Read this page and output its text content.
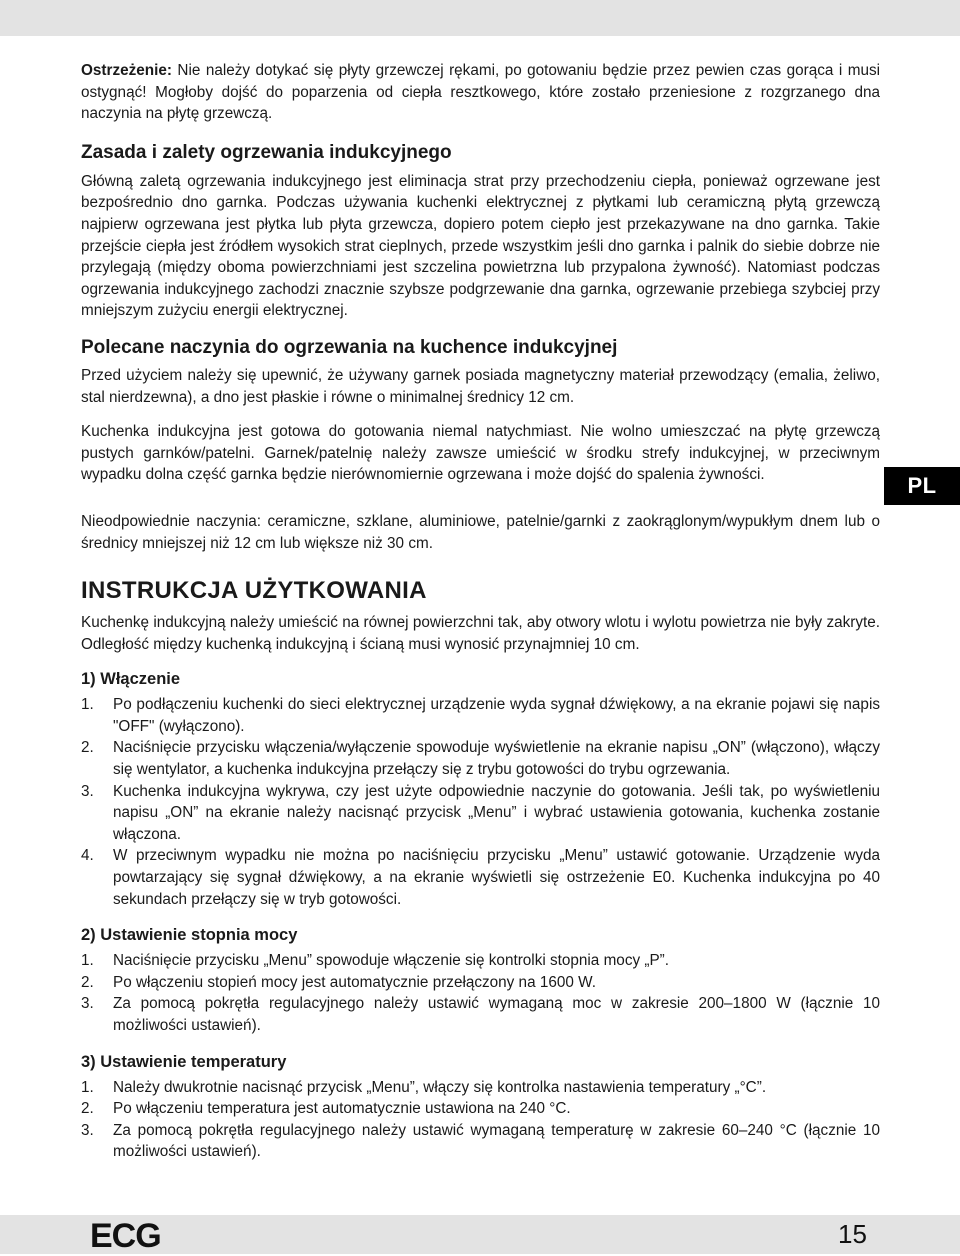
Ostrzeżenie: Nie należy dotykać się płyty grzewczej rękami, po gotowaniu będzie przez pewien czas gorąca i musi ostygnąć! Mogłoby dojść do poparzenia od ciepła resztkowego, które zostało przeniesione z rozgrzanego dna naczynia na płytę grzewczą.

Zasada i zalety ogrzewania indukcyjnego

Główną zaletą ogrzewania indukcyjnego jest eliminacja strat przy przechodzeniu ciepła, ponieważ ogrzewane jest bezpośrednio dno garnka. Podczas używania kuchenki elektrycznej z płytkami lub ceramiczną płytą grzewczą najpierw ogrzewana jest płytka lub płyta grzewcza, dopiero potem ciepło jest przekazywane na dno garnka. Takie przejście ciepła jest źródłem wysokich strat cieplnych, przede wszystkim jeśli dno garnka i palnik do siebie dobrze nie przylegają (między oboma powierzchniami jest szczelina powietrzna lub przypalona żywność). Natomiast podczas ogrzewania indukcyjnego zachodzi znacznie szybsze podgrzewanie dna garnka, ogrzewanie przebiega szybciej przy mniejszym zużyciu energii elektrycznej.

Polecane naczynia do ogrzewania na kuchence indukcyjnej

Przed użyciem należy się upewnić, że używany garnek posiada magnetyczny materiał przewodzący (emalia, żeliwo, stal nierdzewna), a dno jest płaskie i równe o minimalnej średnicy 12 cm.

Kuchenka indukcyjna jest gotowa do gotowania niemal natychmiast. Nie wolno umieszczać na płytę grzewczą pustych garnków/patelni. Garnek/patelnię należy zawsze umieścić w środku strefy indukcyjnej, w przeciwnym wypadku dolna część garnka będzie nierównomiernie ogrzewana i może dojść do spalenia żywności.

Nieodpowiednie naczynia: ceramiczne, szklane, aluminiowe, patelnie/garnki z zaokrąglonym/wypukłym dnem lub o średnicy mniejszej niż 12 cm lub większe niż 30 cm.

INSTRUKCJA UŻYTKOWANIA

Kuchenkę indukcyjną należy umieścić na równej powierzchni tak, aby otwory wlotu i wylotu powietrza nie były zakryte. Odległość między kuchenką indukcyjną i ścianą musi wynosić przynajmniej 10 cm.

1) Włączenie
1. Po podłączeniu kuchenki do sieci elektrycznej urządzenie wyda sygnał dźwiękowy, a na ekranie pojawi się napis "OFF" (wyłączono).
2. Naciśnięcie przycisku włączenia/wyłączenie spowoduje wyświetlenie na ekranie napisu „ON” (włączono), włączy się wentylator, a kuchenka indukcyjna przełączy się z trybu gotowości do trybu ogrzewania.
3. Kuchenka indukcyjna wykrywa, czy jest użyte odpowiednie naczynie do gotowania. Jeśli tak, po wyświetleniu napisu „ON” na ekranie należy nacisnąć przycisk „Menu” i wybrać ustawienia gotowania, kuchenka zostanie włączona.
4. W przeciwnym wypadku nie można po naciśnięciu przycisku „Menu” ustawić gotowanie. Urządzenie wyda powtarzający się sygnał dźwiękowy, a na ekranie wyświetli się ostrzeżenie E0. Kuchenka indukcyjna po 40 sekundach przełączy się w tryb gotowości.
2) Ustawienie stopnia mocy
1. Naciśnięcie przycisku „Menu” spowoduje włączenie się kontrolki stopnia mocy „P”.
2. Po włączeniu stopień mocy jest automatycznie przełączony na 1600 W.
3. Za pomocą pokrętła regulacyjnego należy ustawić wymaganą moc w zakresie 200–1800 W (łącznie 10 możliwości ustawień).
3) Ustawienie temperatury
1. Należy dwukrotnie nacisnąć przycisk „Menu”, włączy się kontrolka nastawienia temperatury „°C”.
2. Po włączeniu temperatura jest automatycznie ustawiona na 240 °C.
3. Za pomocą pokrętła regulacyjnego należy ustawić wymaganą temperaturę w zakresie 60–240 °C (łącznie 10 możliwości ustawień).
PL
ECG	15
